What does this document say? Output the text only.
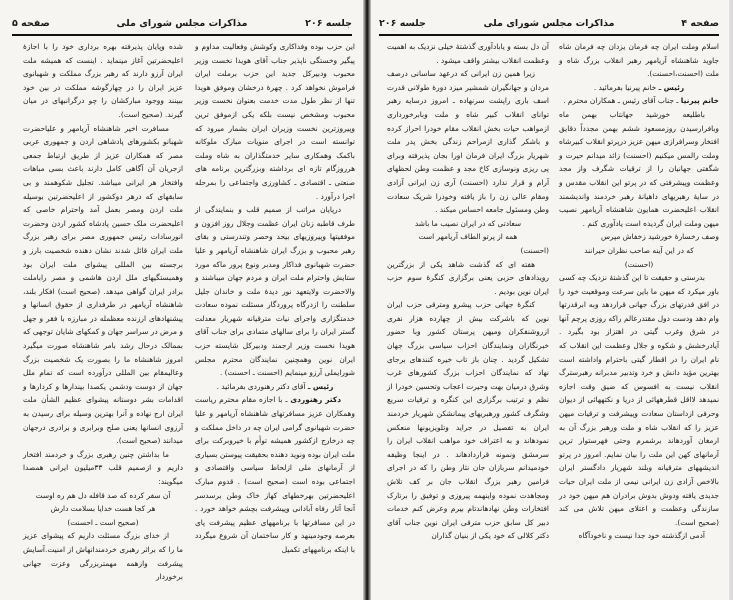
جلسه ۲۰۶
مذاکرات مجلس شورای ملی
صفحه ۵

این حزب بوده وفداکاری وکوشش وفعالیت مداوم و پیگیر وخستگی ناپذیر جناب آقای هویدا نخست وزیر محبوب ودبیرکل جدید این حزب برملت ایران فراموش نخواهد کرد . چهرهٔ درخشان وموفق هویدا تنها از نظر طول مدت خدمت بعنوان نخست وزیر محبوب ومشخص نیست بلکه یکی ازموفق ترین وپیروزترین نخست وزیران ایران بشمار میرود که توانسته است در اجرای منویات مبارک ملوکانه باکمک وهمکاری سایر خدمتگذاران به شاه وملت هرروزگام تازه ای برداشته وبزرگترین برنامه های صنعتی ـ اقتصادی ـ کشاورزی واجتماعی را بمرحله اجرا درآورد .

درپایان مراتب از صمیم قلب و بنمایندگی از طرف قاطبه زنان ایران عظمت وجلال روز افزون و موفقیتها وپیروزیهای بیحد وحصر وتندرستی و بقای رهبر محبوب و بزرگ ایران شاهنشاه آریامهر و علیا حضرت شهبانوی فداکار ومدبر ونوع پرور ماکه مورد ستایش واحترام ملت ایران و مردم جهان میباشند و والاحضرت ولایتعهد نور دیدهٔ ملت و خاندان جلیل سلطنت را ازدرگاه پروردگار مسئلت نموده سعادت خدمتگزاری واجرای نیات مترقیانه شهریار معدلت گستر ایران را برای سالهای متمادی برای جناب آقای هویدا نخست وزیر ارجمند ودبیرکل شایسته حزب ایران نوین وهمچنین نمایندگان محترم مجلس شورایملی آرزو مینمایم (احسنت ـ احسنت) .

رئیس ـ آقای دکتر رهنوردی بفرمائید .

دکتر رهنوردی ـ با اجازه مقام محترم ریاست وهمکاران عزیز مسافرتهای شاهنشاه آریامهر و علیا حضرت شهبانوی گرامی ایران چه در داخل مملکت و چه درخارج ازکشور همیشه توأم با خیروبرکت برای ملت ایران بوده ونوید دهنده بحقیقت پیوستن بسیاری از آرمانهای ملی ازلحاظ سیاسی واقتصادی و اجتماعی بوده است (صحیح است) . قدوم مبارک اعلیحضرتین بهرخطهای کهاز خاک وطن برسدسر آنجا آثار رفاه آبادانی وپیشرفت بچشم خواهد خورد . در این مسافرتها با برنامههای عظیم پیشرفت پای بعرصه وجودمینهد و کار ساختمان آن شروع میگردد با اینکه برنامههای تکمیل

شده وپایان پذیرفته بهره برداری خود را با اجازهٔ اعلیحضرتین آغاز مینماید . اینست که همیشه ملت ایران آرزو دارند که رهبر بزرگ مملکت و شهبانوی عزیز ایران را در چهارگوشه مملکت در بین خود ببینند ووجود مبارکشان را چو درگرانبهای در میان گیرند. (صحیح است).

مسافرت اخیر شاهنشاه آریامهر و علیاحضرت شهبانو بکشورهای پادشاهی اردن و جمهوری عربی مصر که همکاران عزیز از طریق ارتباط جمعی ازجریان آن آگاهی کامل دارند باعث بسی مباهات وافتخار هر ایرانی میباشد. تجلیل شکوهمند و بی سابقهای که درهر دوکشور از اعلیحضرتین بوسیله ملت اردن ومصر بعمل آمد واحترام خاصی که اعلیحضرت ملک حسین پادشاه کشور اردن وحضرت انورسادات رئیس جمهوری مصر برای رهبر بزرگ ملت ایران قائل شدند نشان دهنده شخصیت بارز و برجسته بین المللی پیشوای ملت ایران بود وهمبستگیهای ملل اردن هاشمی و مصر راباملت برادر ایران گواهی میدهد. (صحیح است) افکار بلند، شاهنشاه آریامهر در طرفداری از حقوق انسانها و پیشنهادهای ارزنده معظمله در مبارزه با فقر و جهل و مرض در سراسر جهان و کمکهای شایان توجهی که بممالک درحال رشد بامر شاهنشاه صورت میگیرد امروز شاهنشاه ما را بصورت یک شخصیت بزرگ وعالیمقام بین المللی درآورده است که تمام ملل جهان از دوست ودشمن یکصدا بپندارها و کردارها و اقدامات بشر دوستانه پیشوای عظیم الشأن ملت ایران ارج نهاده و آنرا بهترین وسیله برای رسیدن به آرزوی انسانها یعنی صلح وبرابری و برادری درجهان میدانند (صحیح است).

ما بداشتن چنین رهبری بزرگ و خردمند افتخار داریم و ازصمیم قلب ۳۳میلیون ایرانی همصدا میگویند:

آن سفر کرده که صد قافله دل هم ره اوست

هر کجا هست خدایا بسلامت دارش

(صحیح است ـ احسنت)

از خدای بزرگ مسئلت داریم که پیشوای عزیز ما را که براثر رهبری خردمندانهاش از امنیت.آسایش پیشرفت وازهمه مهمتربزرگی وعزت جهانی برخوردار

صفحه ۴
مذاکرات مجلس شورای ملی
جلسه ۲۰۶

اسلام وملت ایران چه فرمان یزدان چه فرمان شاه جاوید شاهنشاه آریامهر رهبر انقلاب بزرگ شاه و ملت (احسنت،احسنت).

رئیس ـ خانم پیرنیا بفرمائید .

خانم پیرنیا ـ جناب آقای رئیس ـ همکاران محترم .

باطلیعه خورشید جهانتاب بهمن ماه وبافرارسیدن روزمسعود ششم بهمن مجدداً دقایق افتخار وسرافرازی میهن عزیز درپرتو انقلاب کبیرشاه وملت رالمس میکنیم (احسنت) زائد میدانم حیرت و شگفتی جهانیان را از ترقیات شگرف واز مجد وعظمت وپیشرفتی که در پرتو این انقلاب مقدس و در سایهٔ رهبریهای داهیانهٔ رهبر خردمند واندیشمند انقلاب اعلیحضرت همایون شاهنشاه آریامهر نصیب میهن وملت ایران گردیده است یادآوری کنم .

وصف رخسارهٔ خورشید زخفاش مپرس

که در این آینه صاحب نظران حیرانند

(احسنت)

بدرستی و حقیقت تا این گذشتهٔ نزدیک چه کسی باور میکرد که میهن ما باین سرعت وموقعیت خود را در افق قدرتهای بزرگ جهانی قراردهد وبه ابرقدرتها وام دهد ودست دول مقتدرعالم راکه روزی پرچم آنها در شرق وغرب گیتی در اهتزاز بود بگیرد . آیادرخشش و شکوه و جلال وعظمت این انقلاب که نام ایران را در اقطار گیتی باحترام واداشته است بهترین مؤید دانش و خرد وتدبیر مدبرانه رهبرسترگ انقلاب نیست به افسوس که ضیق وقت اجازه نمیدهد لااقل قطرههائی از دریا و نکتههائی از دیوان وحرفی ازداستان سعادت وپیشرفت و ترقیات میهن عزیز را که انقلاب شاه و ملت ورهبر بزرگ آن به ارمغان آوردهاند برشمرم وحتی فهرستوار ترین آرمانهای کهن این ملت را بیان نمایم. امروز در پرتو اندیشههای مترقیانه وبلند شهریار دادگستر ایران بالاخص آزادی زن ایرانی نیمی از ملت ایران حیات جدیدی یافته ودوش بدوش برادران هم میهن خود در سازندگی وعظمت و اعتلای میهن تلاش می کند (صحیح است).

آدمی ازگذشته خود جدا نیست و ناخودآگاه

آن دل بسته و یابادآوری گذشتهٔ خیلی نزدیک به اهمیت وعظمت انقلاب بیشتر واقف میشود .

زیرا همین زن ایرانی که درعهد ساسانی درصف مردان و جهانگیران شمشیر میزد دورهٔ طولانی قدرت اسف باری راپشت سرنهاده ـ امروز درسایه رهبر توانای انقلاب کبیر شاه و ملت وبابرخورداری ازمواهب حیات بخش انقلاب مقام خودرا احراز کرده و باشکر گذاری ازمراحم زندگی بخش پدر ملت شهریار بزرگ ایران فرمان اورا بجان پذیرفته وبرای پی ریزی ونوسازی کاخ مجد و عظمت وطن لحظهای آرام و قرار ندارد (احسنت) آری زن ایرانی آزادی ومقام عالی زن را باز یافته وخودرا شریک سعادت وطن ومسئول جامعه احساس میکند .

سعادتی که در ایران نصیب ما باشد

همه از پرتو الطاف آریامهر است

(احسنت)

هفته ای که گذشت شاهد یکی از بزرگترین رویدادهای حزبی یعنی برگزاری کنگرهٔ سوم حزب ایران نوین بودیم .

کنگرهٔ جهانی حزب پیشرو ومترقی حزب ایران نوین که باشرکت بیش از چهارده هزار نفری ازروشنفکران ومیهن پرستان کشور وبا حضور خبرنگاران ونمایندگان احزاب سیاسی بزرگ جهان تشکیل گردید . چنان باز تاب خیره کنندهای برجای نهاد که نمایندگان احزاب بزرگ کشورهای غرب وشرق درمیان بهت وحیرت اعجاب وتحسین خودرا از نظم و ترتیب برگزاری این کنگره و ترقیات سریع وشگرف کشور ورهبریهای پیمانشکن شهریار خردمند ایران به تفصیل در جراید وتلویزیونها منعکس نمودهاند و به اعتراف خود مواهب انقلاب ایران را سرمشق ونمونه قراردادهاند . در اینجا وظیفه خودمیدانم سربازان جان نثار وطن را که در اجرای فرامین رهبر بزرگ انقلاب جان بر کف تلاش ومجاهدت نموده واینهمه پیروزی و توفیق را برتارک افتخارات وطن نهادهاندتام بیرم وعرض کنم خدمات دبیر کل سابق حزب مترقی ایران نوین جناب آقای دکتر کلالی که خود یکی از بنیان گذاران
